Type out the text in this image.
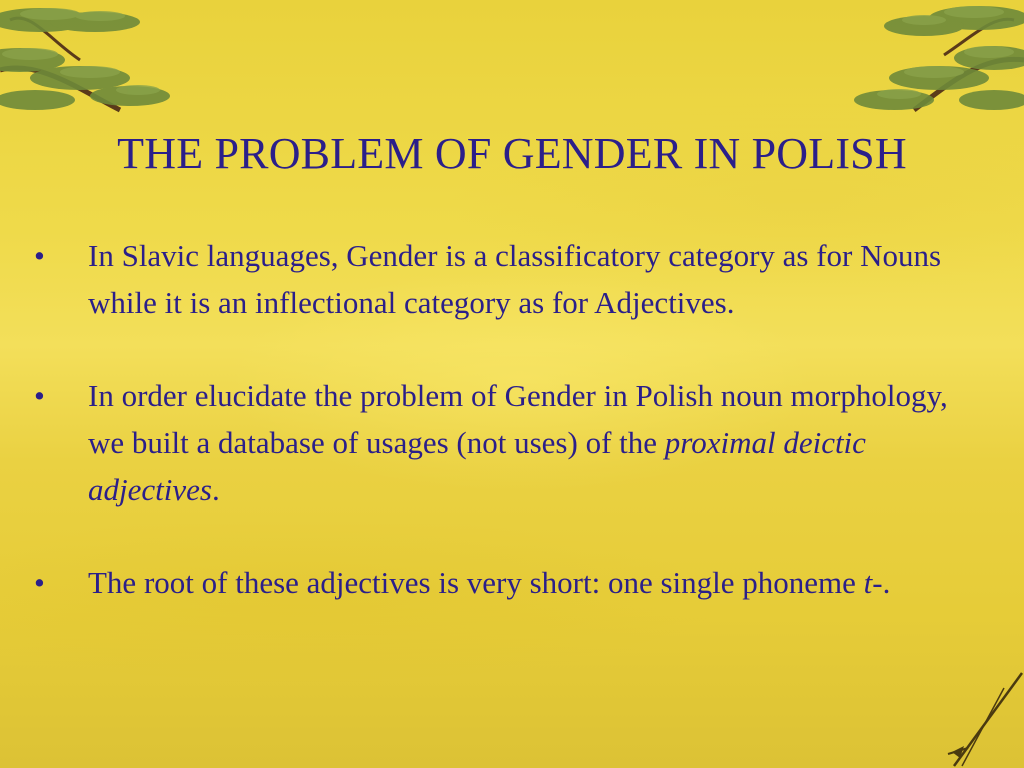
THE PROBLEM OF GENDER IN POLISH
•	In Slavic languages, Gender is a classificatory category as for Nouns while it is an inflectional category as for Adjectives.
•	In order elucidate the problem of Gender in Polish noun morphology, we built a database of usages (not uses) of the proximal deictic adjectives.
•	The root of these adjectives is very short: one single phoneme t-.
